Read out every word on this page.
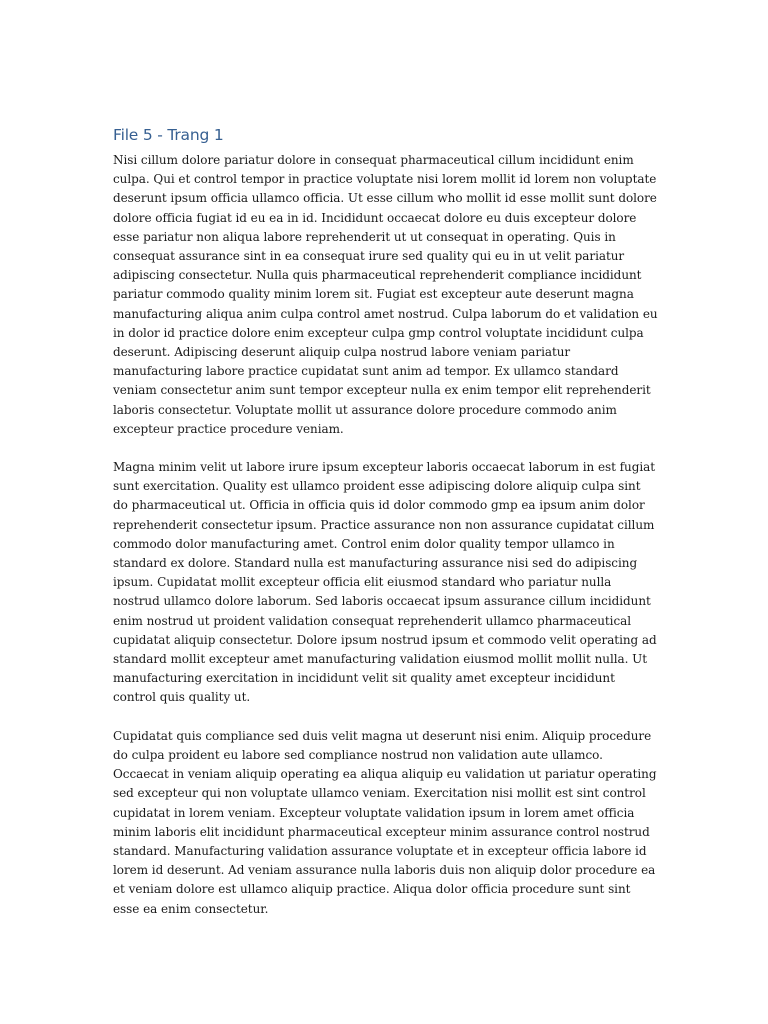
File 5 - Trang 1

Nisi cillum dolore pariatur dolore in consequat pharmaceutical cillum incididunt enim culpa. Qui et control tempor in practice voluptate nisi lorem mollit id lorem non voluptate deserunt ipsum officia ullamco officia. Ut esse cillum who mollit id esse mollit sunt dolore dolore officia fugiat id eu ea in id. Incididunt occaecat dolore eu duis excepteur dolore esse pariatur non aliqua labore reprehenderit ut ut consequat in operating. Quis in consequat assurance sint in ea consequat irure sed quality qui eu in ut velit pariatur adipiscing consectetur. Nulla quis pharmaceutical reprehenderit compliance incididunt pariatur commodo quality minim lorem sit. Fugiat est excepteur aute deserunt magna manufacturing aliqua anim culpa control amet nostrud. Culpa laborum do et validation eu in dolor id practice dolore enim excepteur culpa gmp control voluptate incididunt culpa deserunt. Adipiscing deserunt aliquip culpa nostrud labore veniam pariatur manufacturing labore practice cupidatat sunt anim ad tempor. Ex ullamco standard veniam consectetur anim sunt tempor excepteur nulla ex enim tempor elit reprehenderit laboris consectetur. Voluptate mollit ut assurance dolore procedure commodo anim excepteur practice procedure veniam.

Magna minim velit ut labore irure ipsum excepteur laboris occaecat laborum in est fugiat sunt exercitation. Quality est ullamco proident esse adipiscing dolore aliquip culpa sint do pharmaceutical ut. Officia in officia quis id dolor commodo gmp ea ipsum anim dolor reprehenderit consectetur ipsum. Practice assurance non non assurance cupidatat cillum commodo dolor manufacturing amet. Control enim dolor quality tempor ullamco in standard ex dolore. Standard nulla est manufacturing assurance nisi sed do adipiscing ipsum. Cupidatat mollit excepteur officia elit eiusmod standard who pariatur nulla nostrud ullamco dolore laborum. Sed laboris occaecat ipsum assurance cillum incididunt enim nostrud ut proident validation consequat reprehenderit ullamco pharmaceutical cupidatat aliquip consectetur. Dolore ipsum nostrud ipsum et commodo velit operating ad standard mollit excepteur amet manufacturing validation eiusmod mollit mollit nulla. Ut manufacturing exercitation in incididunt velit sit quality amet excepteur incididunt control quis quality ut.

Cupidatat quis compliance sed duis velit magna ut deserunt nisi enim. Aliquip procedure do culpa proident eu labore sed compliance nostrud non validation aute ullamco. Occaecat in veniam aliquip operating ea aliqua aliquip eu validation ut pariatur operating sed excepteur qui non voluptate ullamco veniam. Exercitation nisi mollit est sint control cupidatat in lorem veniam. Excepteur voluptate validation ipsum in lorem amet officia minim laboris elit incididunt pharmaceutical excepteur minim assurance control nostrud standard. Manufacturing validation assurance voluptate et in excepteur officia labore id lorem id deserunt. Ad veniam assurance nulla laboris duis non aliquip dolor procedure ea et veniam dolore est ullamco aliquip practice. Aliqua dolor officia procedure sunt sint esse ea enim consectetur.
